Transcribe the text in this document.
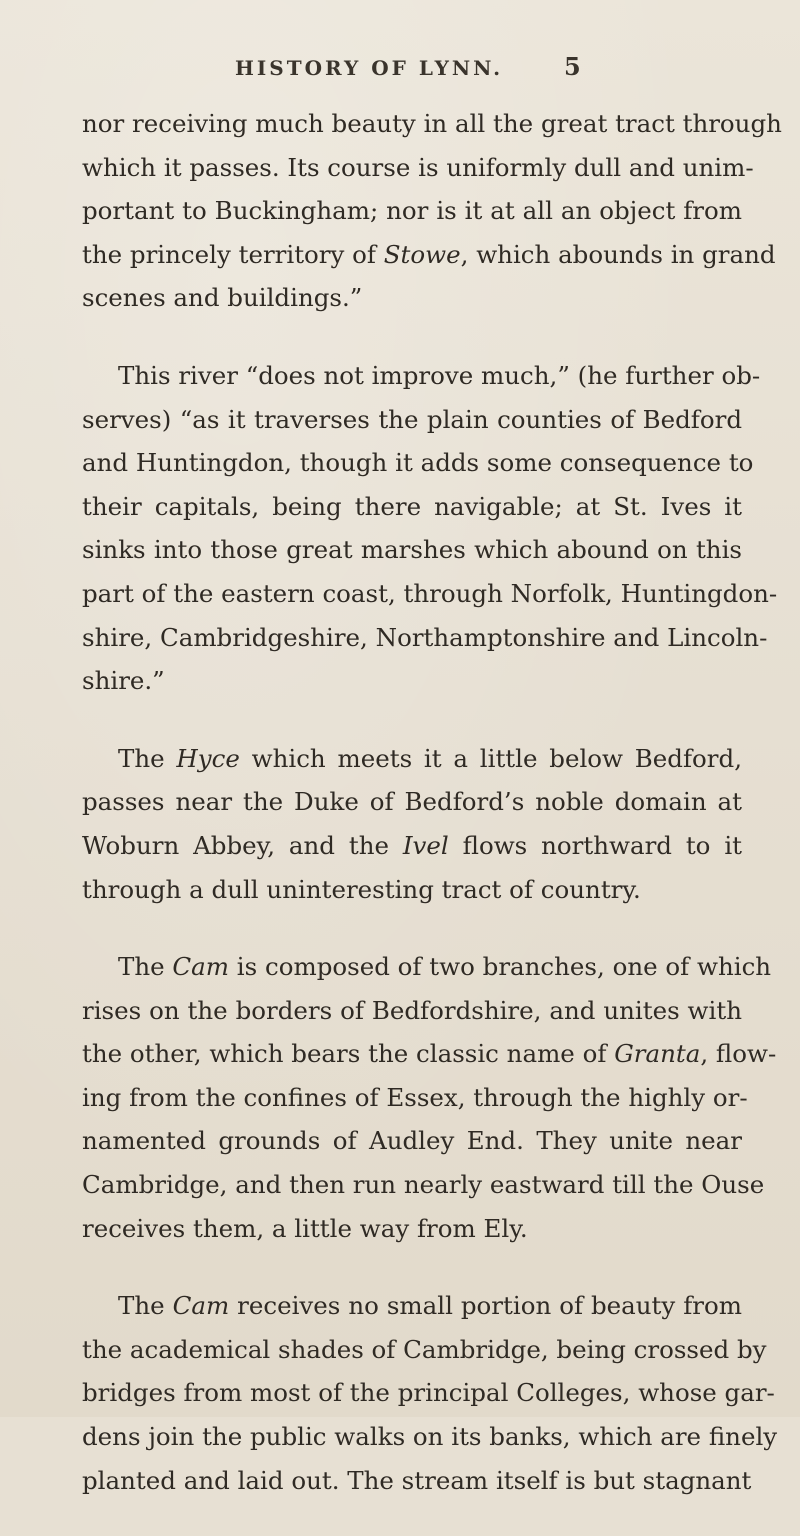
HISTORY OF LYNN.	5
nor receiving much beauty in all the great tract through
which it passes. Its course is uniformly dull and unim-
portant to Buckingham; nor is it at all an object from
the princely territory of Stowe, which abounds in grand
scenes and buildings.”
This river “does not improve much,” (he further ob-
serves) “as it traverses the plain counties of Bedford
and Huntingdon, though it adds some consequence to
their capitals, being there navigable; at St. Ives it
sinks into those great marshes which abound on this
part of the eastern coast, through Norfolk, Huntingdon-
shire, Cambridgeshire, Northamptonshire and Lincoln-
shire.”
The Hyce which meets it a little below Bedford,
passes near the Duke of Bedford’s noble domain at
Woburn Abbey, and the Ivel flows northward to it
through a dull uninteresting tract of country.
The Cam is composed of two branches, one of which
rises on the borders of Bedfordshire, and unites with
the other, which bears the classic name of Granta, flow-
ing from the confines of Essex, through the highly or-
namented grounds of Audley End. They unite near
Cambridge, and then run nearly eastward till the Ouse
receives them, a little way from Ely.
The Cam receives no small portion of beauty from
the academical shades of Cambridge, being crossed by
bridges from most of the principal Colleges, whose gar-
dens join the public walks on its banks, which are finely
planted and laid out. The stream itself is but stagnant
